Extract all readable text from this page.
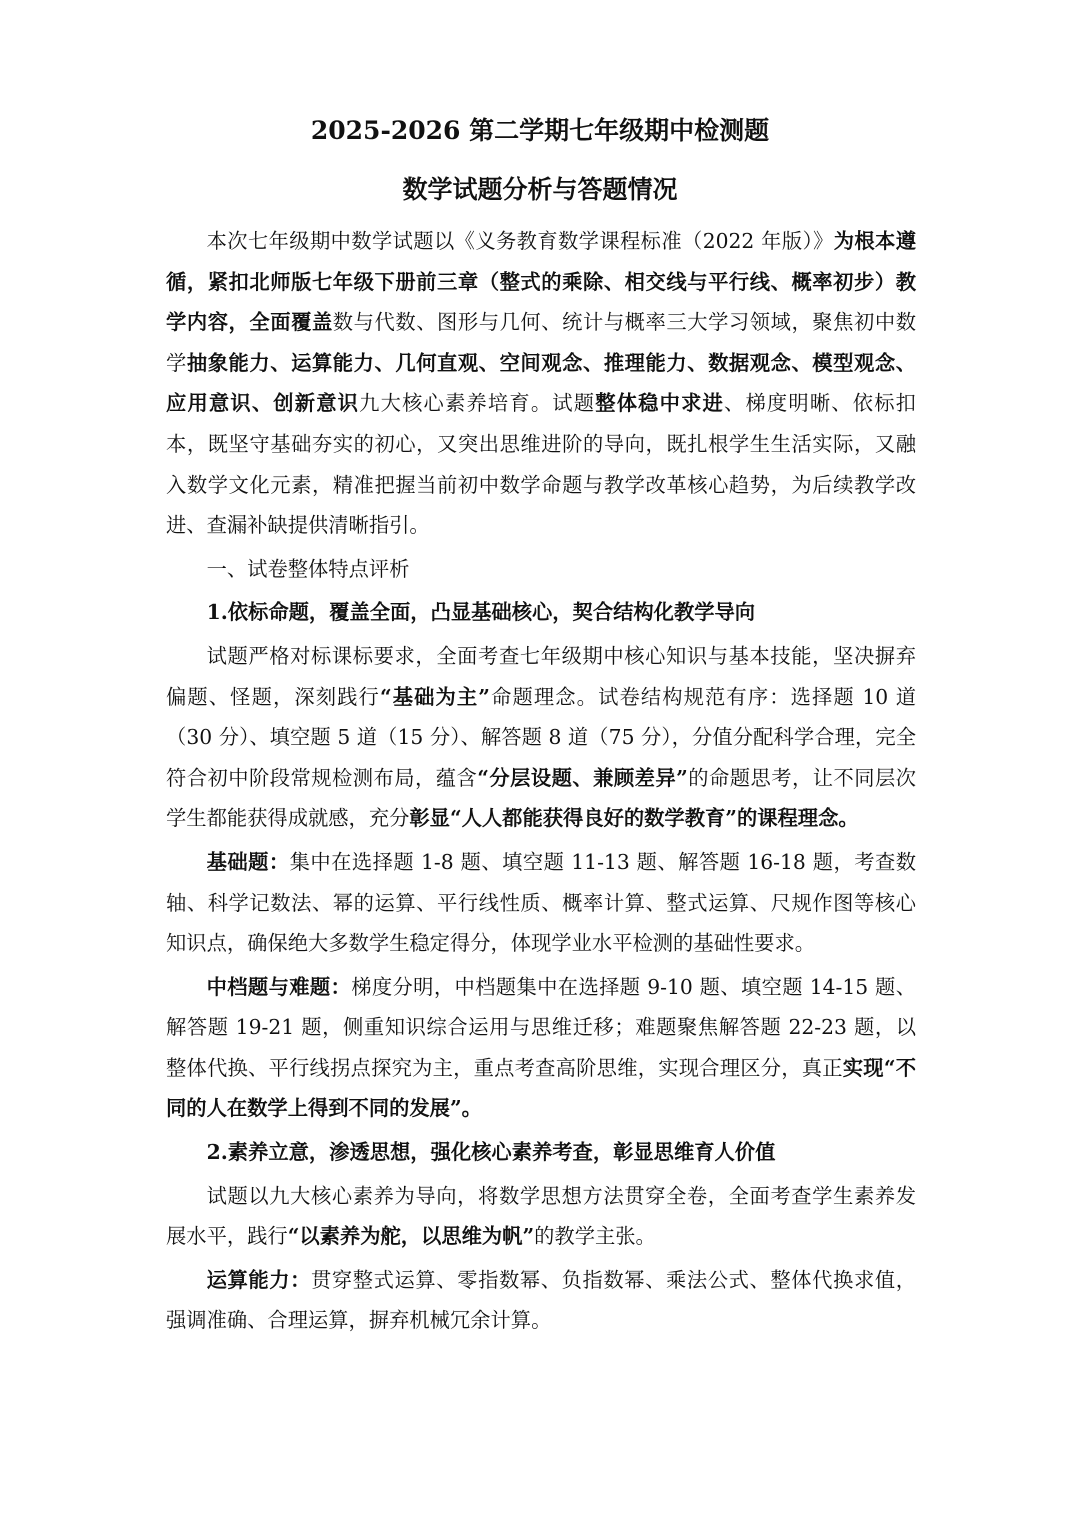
2025-2026 第二学期七年级期中检测题
数学试题分析与答题情况

本次七年级期中数学试题以《义务教育数学课程标准（2022 年版）》为根本遵循，紧扣北师版七年级下册前三章（整式的乘除、相交线与平行线、概率初步）教学内容，全面覆盖数与代数、图形与几何、统计与概率三大学习领域，聚焦初中数学抽象能力、运算能力、几何直观、空间观念、推理能力、数据观念、模型观念、应用意识、创新意识九大核心素养培育。试题整体稳中求进、梯度明晰、依标扣本，既坚守基础夯实的初心，又突出思维进阶的导向，既扎根学生生活实际，又融入数学文化元素，精准把握当前初中数学命题与教学改革核心趋势，为后续教学改进、查漏补缺提供清晰指引。

一、试卷整体特点评析

1.依标命题，覆盖全面，凸显基础核心，契合结构化教学导向

试题严格对标课标要求，全面考查七年级期中核心知识与基本技能，坚决摒弃偏题、怪题，深刻践行“基础为主”命题理念。试卷结构规范有序：选择题 10 道（30 分）、填空题 5 道（15 分）、解答题 8 道（75 分），分值分配科学合理，完全符合初中阶段常规检测布局，蕴含“分层设题、兼顾差异”的命题思考，让不同层次学生都能获得成就感，充分彰显“人人都能获得良好的数学教育”的课程理念。

基础题：集中在选择题 1-8 题、填空题 11-13 题、解答题 16-18 题，考查数轴、科学记数法、幂的运算、平行线性质、概率计算、整式运算、尺规作图等核心知识点，确保绝大多数学生稳定得分，体现学业水平检测的基础性要求。

中档题与难题：梯度分明，中档题集中在选择题 9-10 题、填空题 14-15 题、解答题 19-21 题，侧重知识综合运用与思维迁移；难题聚焦解答题 22-23 题，以整体代换、平行线拐点探究为主，重点考查高阶思维，实现合理区分，真正实现“不同的人在数学上得到不同的发展”。

2.素养立意，渗透思想，强化核心素养考查，彰显思维育人价值

试题以九大核心素养为导向，将数学思想方法贯穿全卷，全面考查学生素养发展水平，践行“以素养为舵，以思维为帆”的教学主张。

运算能力：贯穿整式运算、零指数幂、负指数幂、乘法公式、整体代换求值，强调准确、合理运算，摒弃机械冗余计算。
